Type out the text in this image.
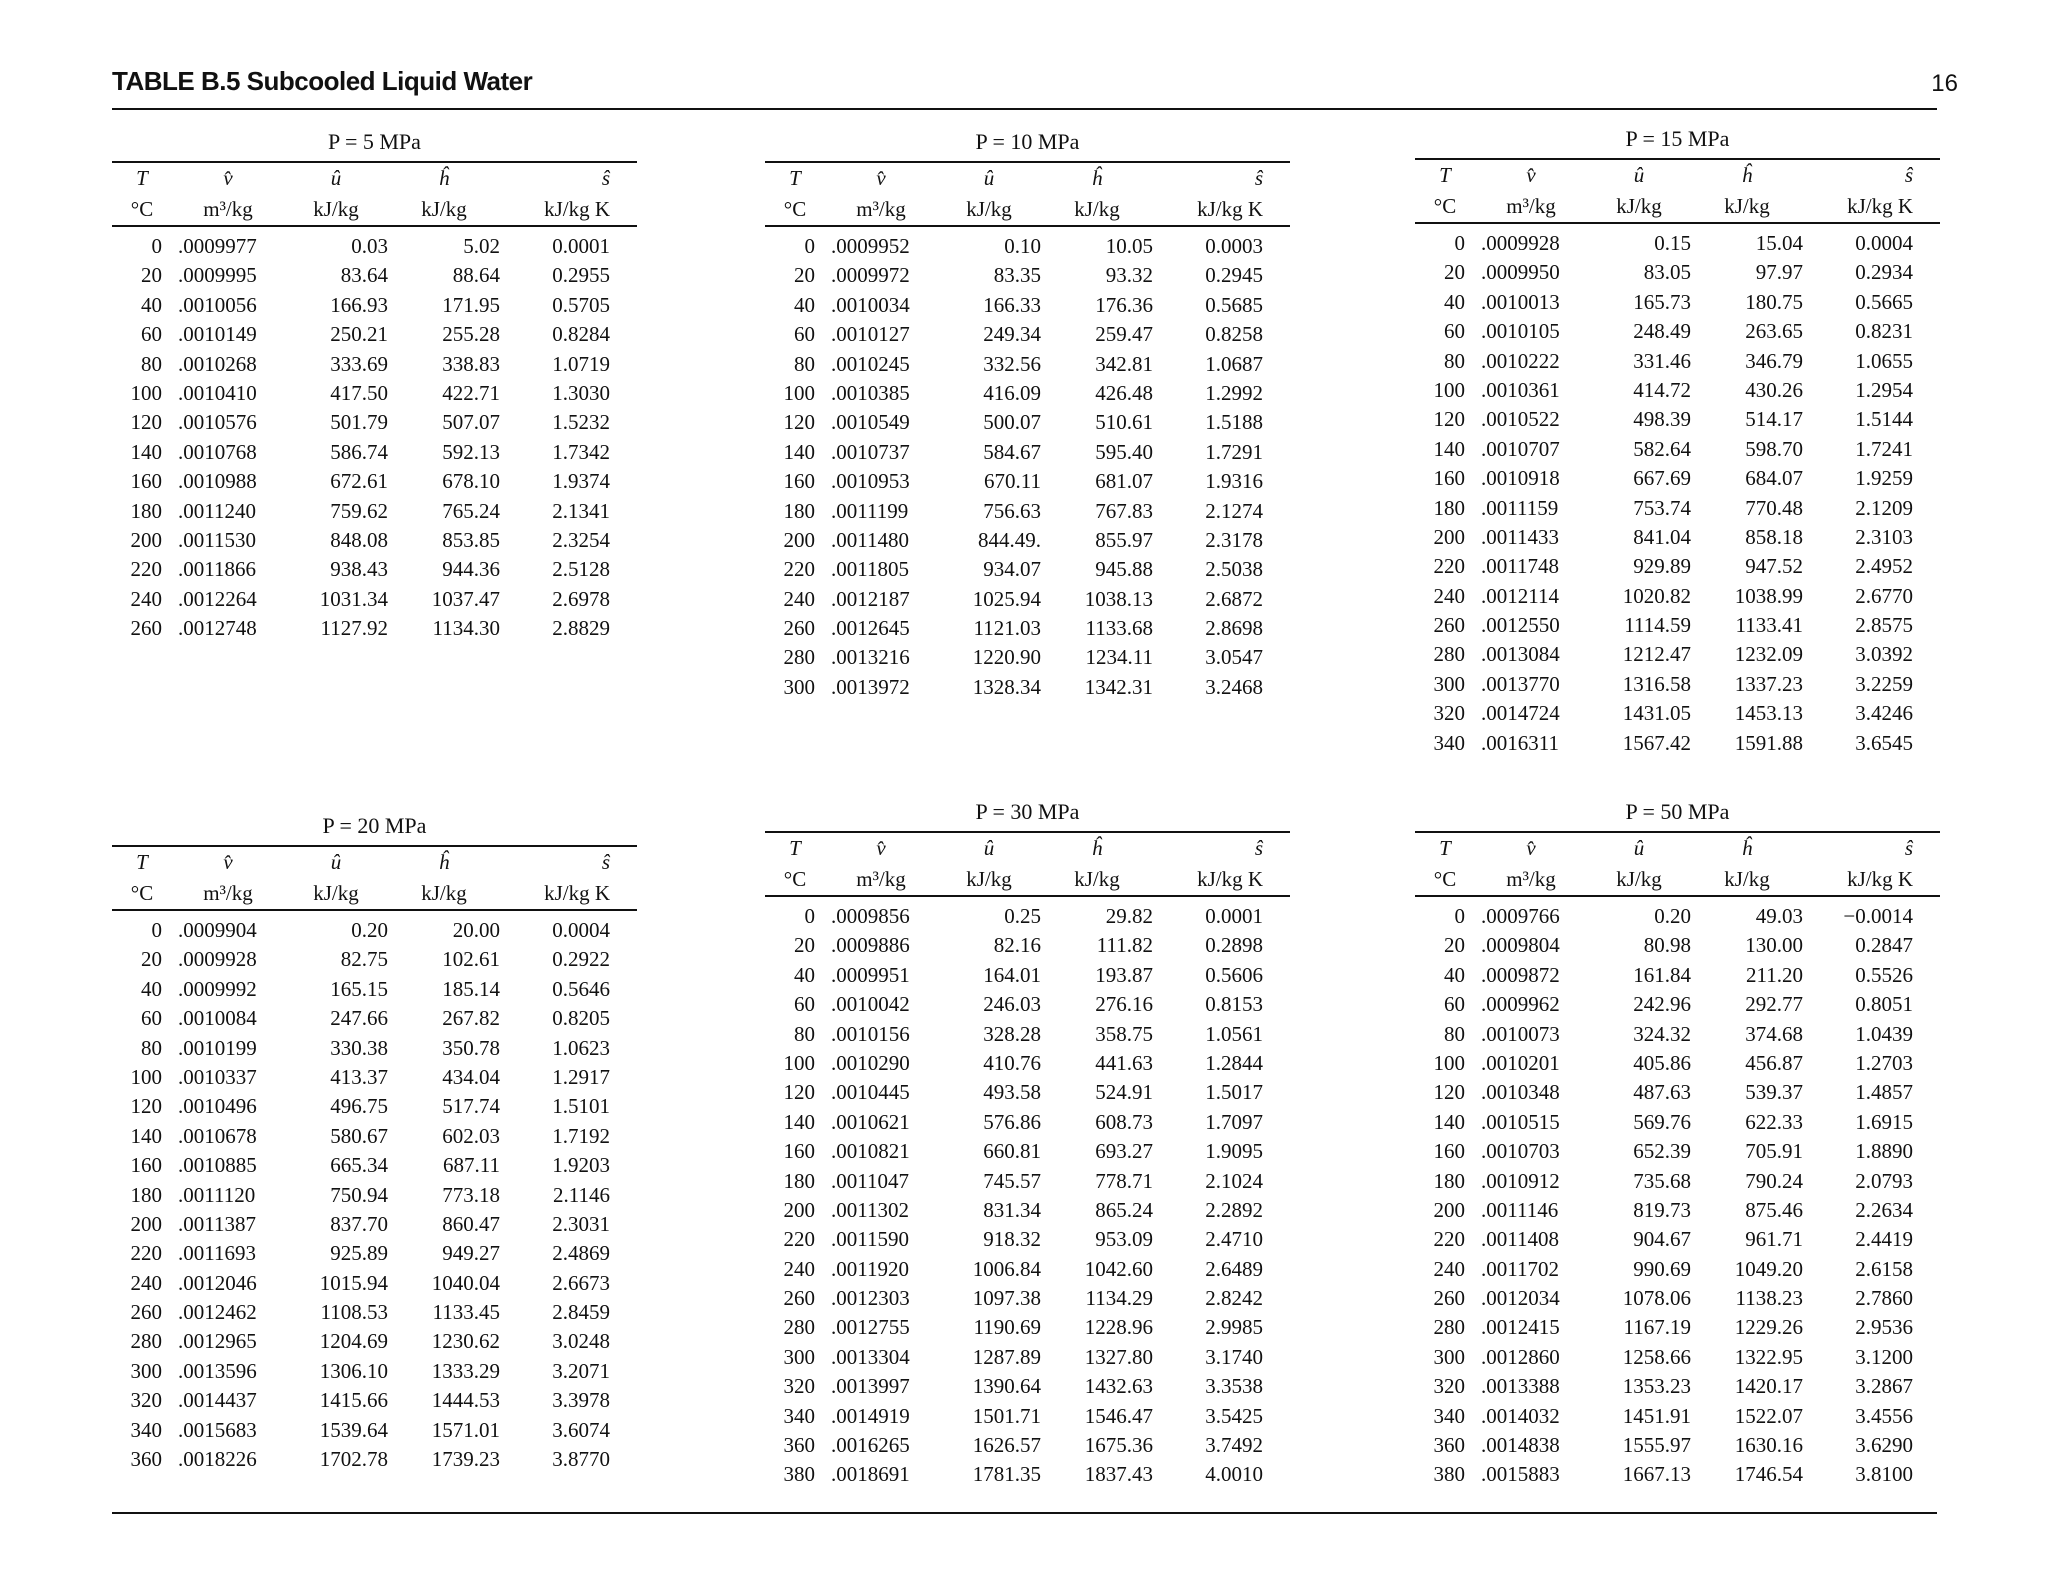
TABLE B.5 Subcooled Liquid Water	16
P = 5 MPa
T	v̂	û	ĥ	ŝ
°C	m³/kg	kJ/kg	kJ/kg	kJ/kg K
0 .0009977	0.03	5.02	0.0001
20 .0009995	83.64	88.64	0.2955
40 .0010056	166.93	171.95	0.5705
60 .0010149	250.21	255.28	0.8284
80 .0010268	333.69	338.83	1.0719
100 .0010410	417.50	422.71	1.3030
120 .0010576	501.79	507.07	1.5232
140 .0010768	586.74	592.13	1.7342
160 .0010988	672.61	678.10	1.9374
180 .0011240	759.62	765.24	2.1341
200 .0011530	848.08	853.85	2.3254
220 .0011866	938.43	944.36	2.5128
240 .0012264	1031.34	1037.47	2.6978
260 .0012748	1127.92	1134.30	2.8829
P = 10 MPa
T	v̂	û	ĥ	ŝ
°C	m³/kg	kJ/kg	kJ/kg	kJ/kg K
0 .0009952	0.10	10.05	0.0003
20 .0009972	83.35	93.32	0.2945
40 .0010034	166.33	176.36	0.5685
60 .0010127	249.34	259.47	0.8258
80 .0010245	332.56	342.81	1.0687
100 .0010385	416.09	426.48	1.2992
120 .0010549	500.07	510.61	1.5188
140 .0010737	584.67	595.40	1.7291
160 .0010953	670.11	681.07	1.9316
180 .0011199	756.63	767.83	2.1274
200 .0011480	844.49.	855.97	2.3178
220 .0011805	934.07	945.88	2.5038
240 .0012187	1025.94	1038.13	2.6872
260 .0012645	1121.03	1133.68	2.8698
280 .0013216	1220.90	1234.11	3.0547
300 .0013972	1328.34	1342.31	3.2468
P = 15 MPa
T	v̂	û	ĥ	ŝ
°C	m³/kg	kJ/kg	kJ/kg	kJ/kg K
0 .0009928	0.15	15.04	0.0004
20 .0009950	83.05	97.97	0.2934
40 .0010013	165.73	180.75	0.5665
60 .0010105	248.49	263.65	0.8231
80 .0010222	331.46	346.79	1.0655
100 .0010361	414.72	430.26	1.2954
120 .0010522	498.39	514.17	1.5144
140 .0010707	582.64	598.70	1.7241
160 .0010918	667.69	684.07	1.9259
180 .0011159	753.74	770.48	2.1209
200 .0011433	841.04	858.18	2.3103
220 .0011748	929.89	947.52	2.4952
240 .0012114	1020.82	1038.99	2.6770
260 .0012550	1114.59	1133.41	2.8575
280 .0013084	1212.47	1232.09	3.0392
300 .0013770	1316.58	1337.23	3.2259
320 .0014724	1431.05	1453.13	3.4246
340 .0016311	1567.42	1591.88	3.6545
P = 20 MPa
T	v̂	û	ĥ	ŝ
°C	m³/kg	kJ/kg	kJ/kg	kJ/kg K
0 .0009904	0.20	20.00	0.0004
20 .0009928	82.75	102.61	0.2922
40 .0009992	165.15	185.14	0.5646
60 .0010084	247.66	267.82	0.8205
80 .0010199	330.38	350.78	1.0623
100 .0010337	413.37	434.04	1.2917
120 .0010496	496.75	517.74	1.5101
140 .0010678	580.67	602.03	1.7192
160 .0010885	665.34	687.11	1.9203
180 .0011120	750.94	773.18	2.1146
200 .0011387	837.70	860.47	2.3031
220 .0011693	925.89	949.27	2.4869
240 .0012046	1015.94	1040.04	2.6673
260 .0012462	1108.53	1133.45	2.8459
280 .0012965	1204.69	1230.62	3.0248
300 .0013596	1306.10	1333.29	3.2071
320 .0014437	1415.66	1444.53	3.3978
340 .0015683	1539.64	1571.01	3.6074
360 .0018226	1702.78	1739.23	3.8770
P = 30 MPa
T	v̂	û	ĥ	ŝ
°C	m³/kg	kJ/kg	kJ/kg	kJ/kg K
0 .0009856	0.25	29.82	0.0001
20 .0009886	82.16	111.82	0.2898
40 .0009951	164.01	193.87	0.5606
60 .0010042	246.03	276.16	0.8153
80 .0010156	328.28	358.75	1.0561
100 .0010290	410.76	441.63	1.2844
120 .0010445	493.58	524.91	1.5017
140 .0010621	576.86	608.73	1.7097
160 .0010821	660.81	693.27	1.9095
180 .0011047	745.57	778.71	2.1024
200 .0011302	831.34	865.24	2.2892
220 .0011590	918.32	953.09	2.4710
240 .0011920	1006.84	1042.60	2.6489
260 .0012303	1097.38	1134.29	2.8242
280 .0012755	1190.69	1228.96	2.9985
300 .0013304	1287.89	1327.80	3.1740
320 .0013997	1390.64	1432.63	3.3538
340 .0014919	1501.71	1546.47	3.5425
360 .0016265	1626.57	1675.36	3.7492
380 .0018691	1781.35	1837.43	4.0010
P = 50 MPa
T	v̂	û	ĥ	ŝ
°C	m³/kg	kJ/kg	kJ/kg	kJ/kg K
0 .0009766	0.20	49.03	−0.0014
20 .0009804	80.98	130.00	0.2847
40 .0009872	161.84	211.20	0.5526
60 .0009962	242.96	292.77	0.8051
80 .0010073	324.32	374.68	1.0439
100 .0010201	405.86	456.87	1.2703
120 .0010348	487.63	539.37	1.4857
140 .0010515	569.76	622.33	1.6915
160 .0010703	652.39	705.91	1.8890
180 .0010912	735.68	790.24	2.0793
200 .0011146	819.73	875.46	2.2634
220 .0011408	904.67	961.71	2.4419
240 .0011702	990.69	1049.20	2.6158
260 .0012034	1078.06	1138.23	2.7860
280 .0012415	1167.19	1229.26	2.9536
300 .0012860	1258.66	1322.95	3.1200
320 .0013388	1353.23	1420.17	3.2867
340 .0014032	1451.91	1522.07	3.4556
360 .0014838	1555.97	1630.16	3.6290
380 .0015883	1667.13	1746.54	3.8100
